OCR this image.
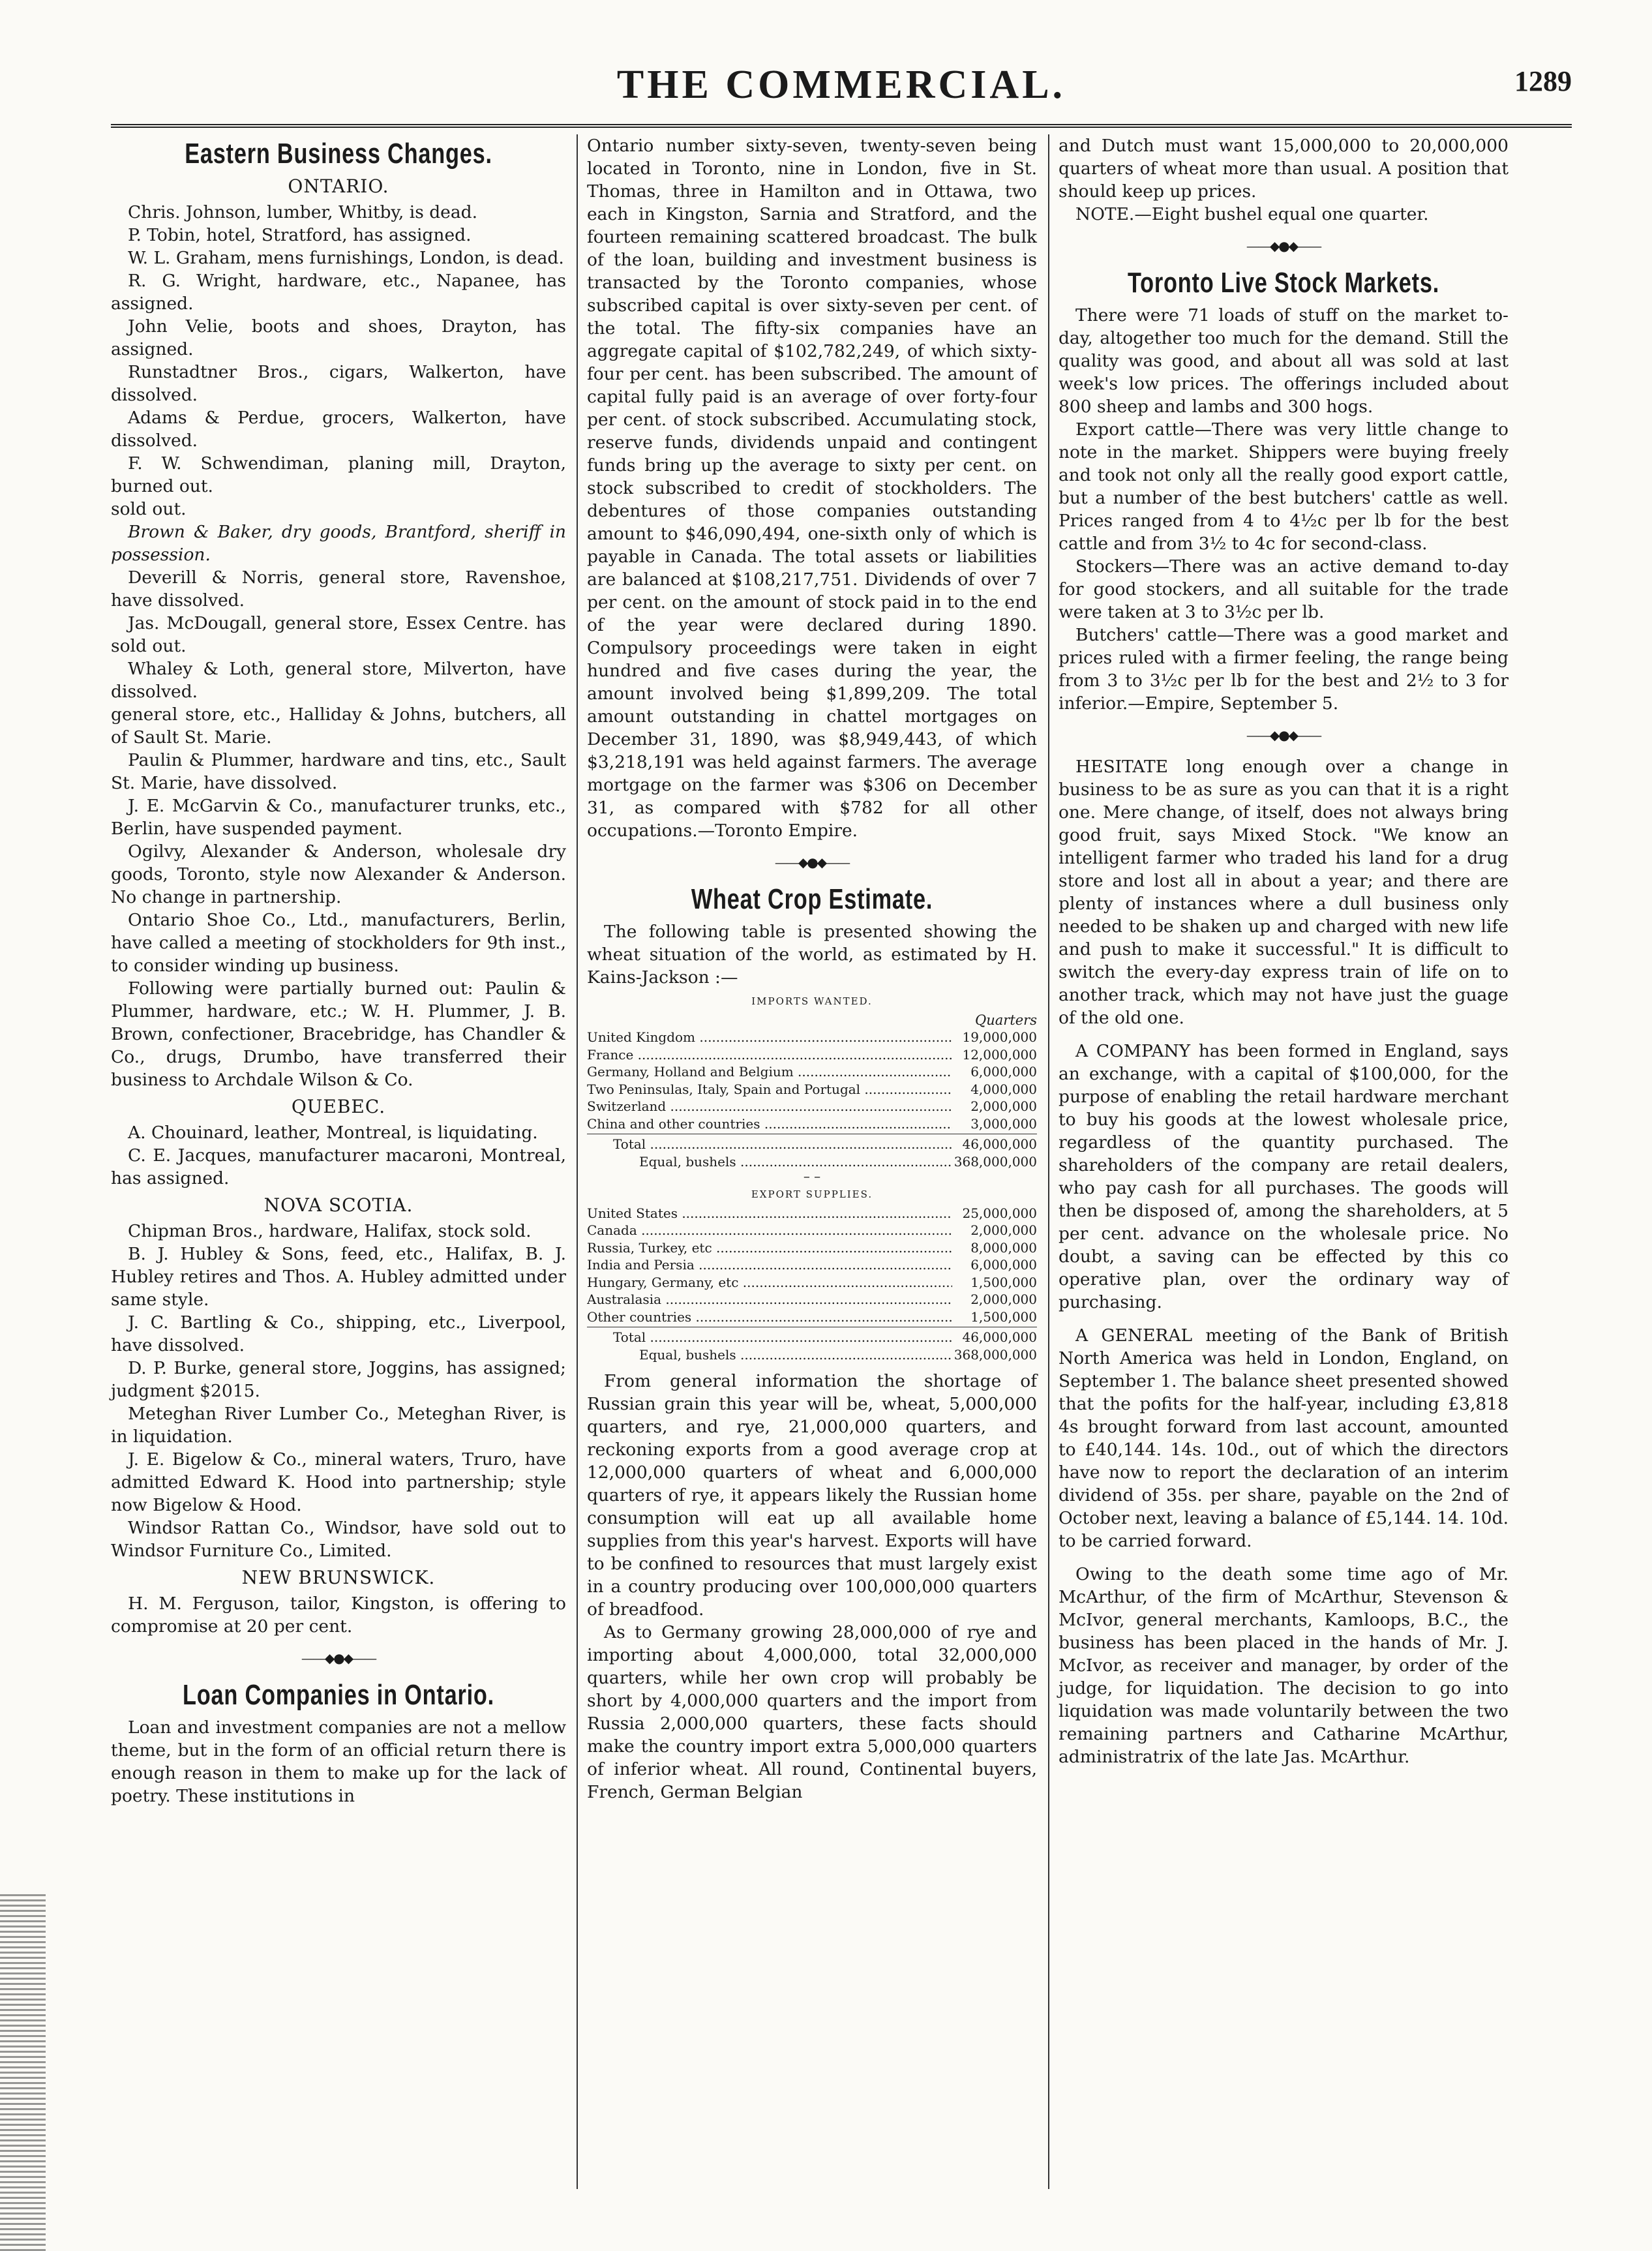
THE COMMERCIAL.	1289
Eastern Business Changes.
ONTARIO.

Chris. Johnson, lumber, Whitby, is dead.

P. Tobin, hotel, Stratford, has assigned.

W. L. Graham, mens furnishings, London, is dead.

R. G. Wright, hardware, etc., Napanee, has assigned.

John Velie, boots and shoes, Drayton, has assigned.

Runstadtner Bros., cigars, Walkerton, have dissolved.

Adams & Perdue, grocers, Walkerton, have dissolved.

F. W. Schwendiman, planing mill, Drayton, burned out.

sold out.

Brown & Baker, dry goods, Brantford, sheriff in possession.

Deverill & Norris, general store, Ravenshoe, have dissolved.

Jas. McDougall, general store, Essex Centre. has sold out.

Whaley & Loth, general store, Milverton, have dissolved.

general store, etc., Halliday & Johns, butchers, all of Sault St. Marie.

Paulin & Plummer, hardware and tins, etc., Sault St. Marie, have dissolved.

J. E. McGarvin & Co., manufacturer trunks, etc., Berlin, have suspended payment.

Ogilvy, Alexander & Anderson, wholesale dry goods, Toronto, style now Alexander & Anderson. No change in partnership.

Ontario Shoe Co., Ltd., manufacturers, Berlin, have called a meeting of stockholders for 9th inst., to consider winding up business.

Following were partially burned out: Paulin & Plummer, hardware, etc.; W. H. Plummer, J. B. Brown, confectioner, Bracebridge, has Chandler & Co., drugs, Drumbo, have transferred their business to Archdale Wilson & Co.

QUEBEC.

A. Chouinard, leather, Montreal, is liquidating.

C. E. Jacques, manufacturer macaroni, Montreal, has assigned.

NOVA SCOTIA.

Chipman Bros., hardware, Halifax, stock sold.

B. J. Hubley & Sons, feed, etc., Halifax, B. J. Hubley retires and Thos. A. Hubley admitted under same style.

J. C. Bartling & Co., shipping, etc., Liverpool, have dissolved.

D. P. Burke, general store, Joggins, has assigned; judgment $2015.

Meteghan River Lumber Co., Meteghan River, is in liquidation.

J. E. Bigelow & Co., mineral waters, Truro, have admitted Edward K. Hood into partnership; style now Bigelow & Hood.

Windsor Rattan Co., Windsor, have sold out to Windsor Furniture Co., Limited.

NEW BRUNSWICK.

H. M. Ferguson, tailor, Kingston, is offering to compromise at 20 per cent.

——◆●◆——
Loan Companies in Ontario.

Loan and investment companies are not a mellow theme, but in the form of an official return there is enough reason in them to make up for the lack of poetry. These institutions in

Ontario number sixty-seven, twenty-seven being located in Toronto, nine in London, five in St. Thomas, three in Hamilton and in Ottawa, two each in Kingston, Sarnia and Stratford, and the fourteen remaining scattered broadcast. The bulk of the loan, building and investment business is transacted by the Toronto companies, whose subscribed capital is over sixty-seven per cent. of the total. The fifty-six companies have an aggregate capital of $102,782,249, of which sixty-four per cent. has been subscribed. The amount of capital fully paid is an average of over forty-four per cent. of stock subscribed. Accumulating stock, reserve funds, dividends unpaid and contingent funds bring up the average to sixty per cent. on stock subscribed to credit of stockholders. The debentures of those companies outstanding amount to $46,090,494, one-sixth only of which is payable in Canada. The total assets or liabilities are balanced at $108,217,751. Dividends of over 7 per cent. on the amount of stock paid in to the end of the year were declared during 1890. Compulsory proceedings were taken in eight hundred and five cases during the year, the amount involved being $1,899,209. The total amount outstanding in chattel mortgages on December 31, 1890, was $8,949,443, of which $3,218,191 was held against farmers. The average mortgage on the farmer was $306 on December 31, as compared with $782 for all other occupations.—Toronto Empire.

——◆●◆——
Wheat Crop Estimate.

The following table is presented showing the wheat situation of the world, as estimated by H. Kains-Jackson :—

IMPORTS WANTED.
Quarters
United Kingdom .....	19,000,000
France .....	12,000,000
Germany, Holland and Belgium .....	6,000,000
Two Peninsulas, Italy, Spain and Portugal .....	4,000,000
Switzerland .....	2,000,000
China and other countries .....	3,000,000
Total .....	46,000,000
Equal, bushels .....	368,000,000
– –
EXPORT SUPPLIES.
United States .....	25,000,000
Canada .....	2,000,000
Russia, Turkey, etc .....	8,000,000
India and Persia .....	6,000,000
Hungary, Germany, etc .....	1,500,000
Australasia .....	2,000,000
Other countries .....	1,500,000
Total .....	46,000,000
Equal, bushels .....	368,000,000

From general information the shortage of Russian grain this year will be, wheat, 5,000,000 quarters, and rye, 21,000,000 quarters, and reckoning exports from a good average crop at 12,000,000 quarters of wheat and 6,000,000 quarters of rye, it appears likely the Russian home consumption will eat up all available home supplies from this year's harvest. Exports will have to be confined to resources that must largely exist in a country producing over 100,000,000 quarters of breadfood.

As to Germany growing 28,000,000 of rye and importing about 4,000,000, total 32,000,000 quarters, while her own crop will probably be short by 4,000,000 quarters and the import from Russia 2,000,000 quarters, these facts should make the country import extra 5,000,000 quarters of inferior wheat. All round, Continental buyers, French, German Belgian

and Dutch must want 15,000,000 to 20,000,000 quarters of wheat more than usual. A position that should keep up prices.

NOTE.—Eight bushel equal one quarter.

——◆●◆——
Toronto Live Stock Markets.

There were 71 loads of stuff on the market to-day, altogether too much for the demand. Still the quality was good, and about all was sold at last week's low prices. The offerings included about 800 sheep and lambs and 300 hogs.

Export cattle—There was very little change to note in the market. Shippers were buying freely and took not only all the really good export cattle, but a number of the best butchers' cattle as well. Prices ranged from 4 to 4½c per lb for the best cattle and from 3½ to 4c for second-class.

Stockers—There was an active demand to-day for good stockers, and all suitable for the trade were taken at 3 to 3½c per lb.

Butchers' cattle—There was a good market and prices ruled with a firmer feeling, the range being from 3 to 3½c per lb for the best and 2½ to 3 for inferior.—Empire, September 5.

——◆●◆——

HESITATE long enough over a change in business to be as sure as you can that it is a right one. Mere change, of itself, does not always bring good fruit, says Mixed Stock. "We know an intelligent farmer who traded his land for a drug store and lost all in about a year; and there are plenty of instances where a dull business only needed to be shaken up and charged with new life and push to make it successful." It is difficult to switch the every-day express train of life on to another track, which may not have just the guage of the old one.

A COMPANY has been formed in England, says an exchange, with a capital of $100,000, for the purpose of enabling the retail hardware merchant to buy his goods at the lowest wholesale price, regardless of the quantity purchased. The shareholders of the company are retail dealers, who pay cash for all purchases. The goods will then be disposed of, among the shareholders, at 5 per cent. advance on the wholesale price. No doubt, a saving can be effected by this co operative plan, over the ordinary way of purchasing.

A GENERAL meeting of the Bank of British North America was held in London, England, on September 1. The balance sheet presented showed that the pofits for the half-year, including £3,818 4s brought forward from last account, amounted to £40,144. 14s. 10d., out of which the directors have now to report the declaration of an interim dividend of 35s. per share, payable on the 2nd of October next, leaving a balance of £5,144. 14. 10d. to be carried forward.

Owing to the death some time ago of Mr. McArthur, of the firm of McArthur, Stevenson & McIvor, general merchants, Kamloops, B.C., the business has been placed in the hands of Mr. J. McIvor, as receiver and manager, by order of the judge, for liquidation. The decision to go into liquidation was made voluntarily between the two remaining partners and Catharine McArthur, administratrix of the late Jas. McArthur.
